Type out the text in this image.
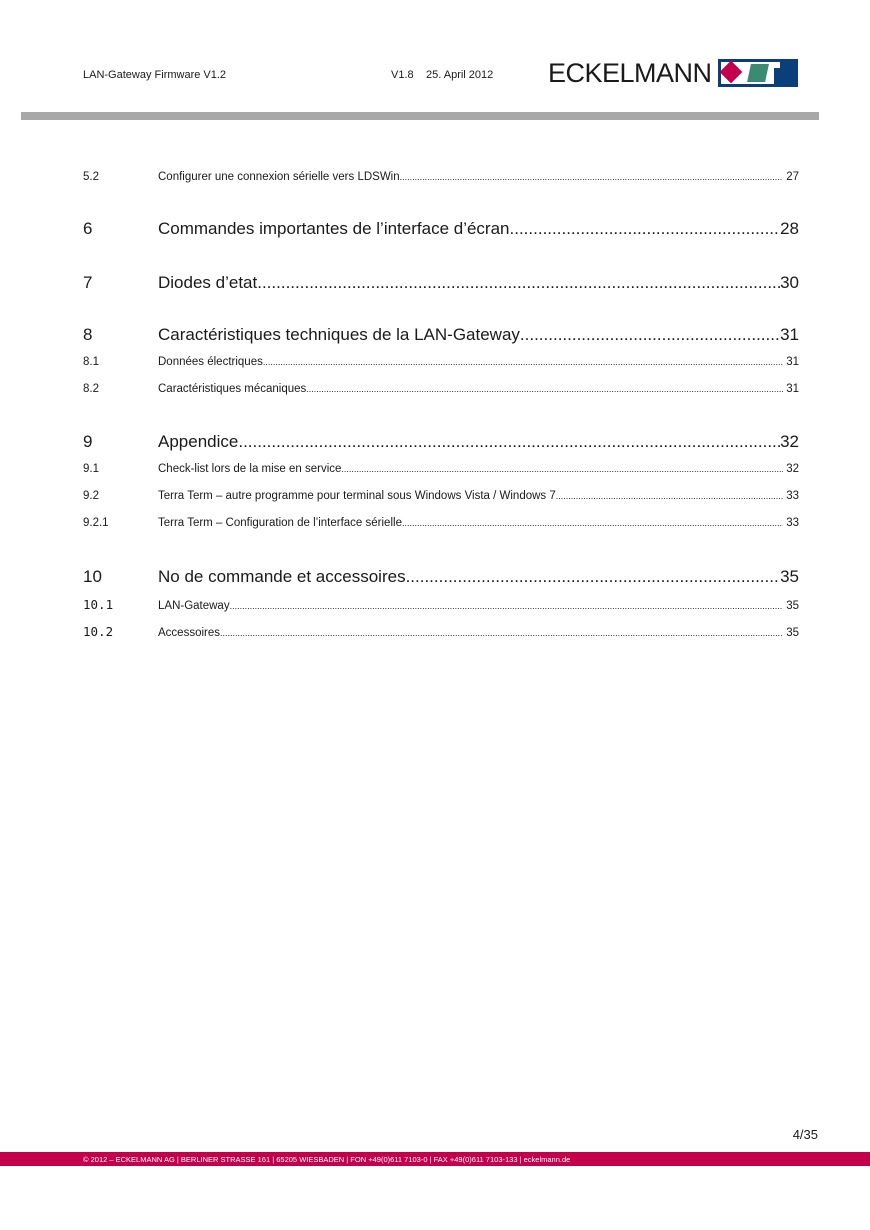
LAN-Gateway Firmware V1.2	V1.8 25. April 2012 ECKELMANN
5.2	Configurer une connexion sérielle vers LDSWin .....	27
6	Commandes importantes de l’interface d’écran .....	28
7	Diodes d’etat .....	30
8	Caractéristiques techniques de la LAN-Gateway .....	31
8.1	Données électriques .....	31
8.2	Caractéristiques mécaniques .....	31
9	Appendice .....	32
9.1	Check-list lors de la mise en service .....	32
9.2	Terra Term – autre programme pour terminal sous Windows Vista / Windows 7 .....	33
9.2.1	Terra Term – Configuration de l’interface sérielle .....	33
10	No de commande et accessoires .....	35
10.1	LAN-Gateway .....	35
10.2	Accessoires .....	35
4/35
© 2012 – ECKELMANN AG | BERLINER STRASSE 161 | 65205 WIESBADEN | FON +49(0)611 7103-0 | FAX +49(0)611 7103-133 | eckelmann.de
